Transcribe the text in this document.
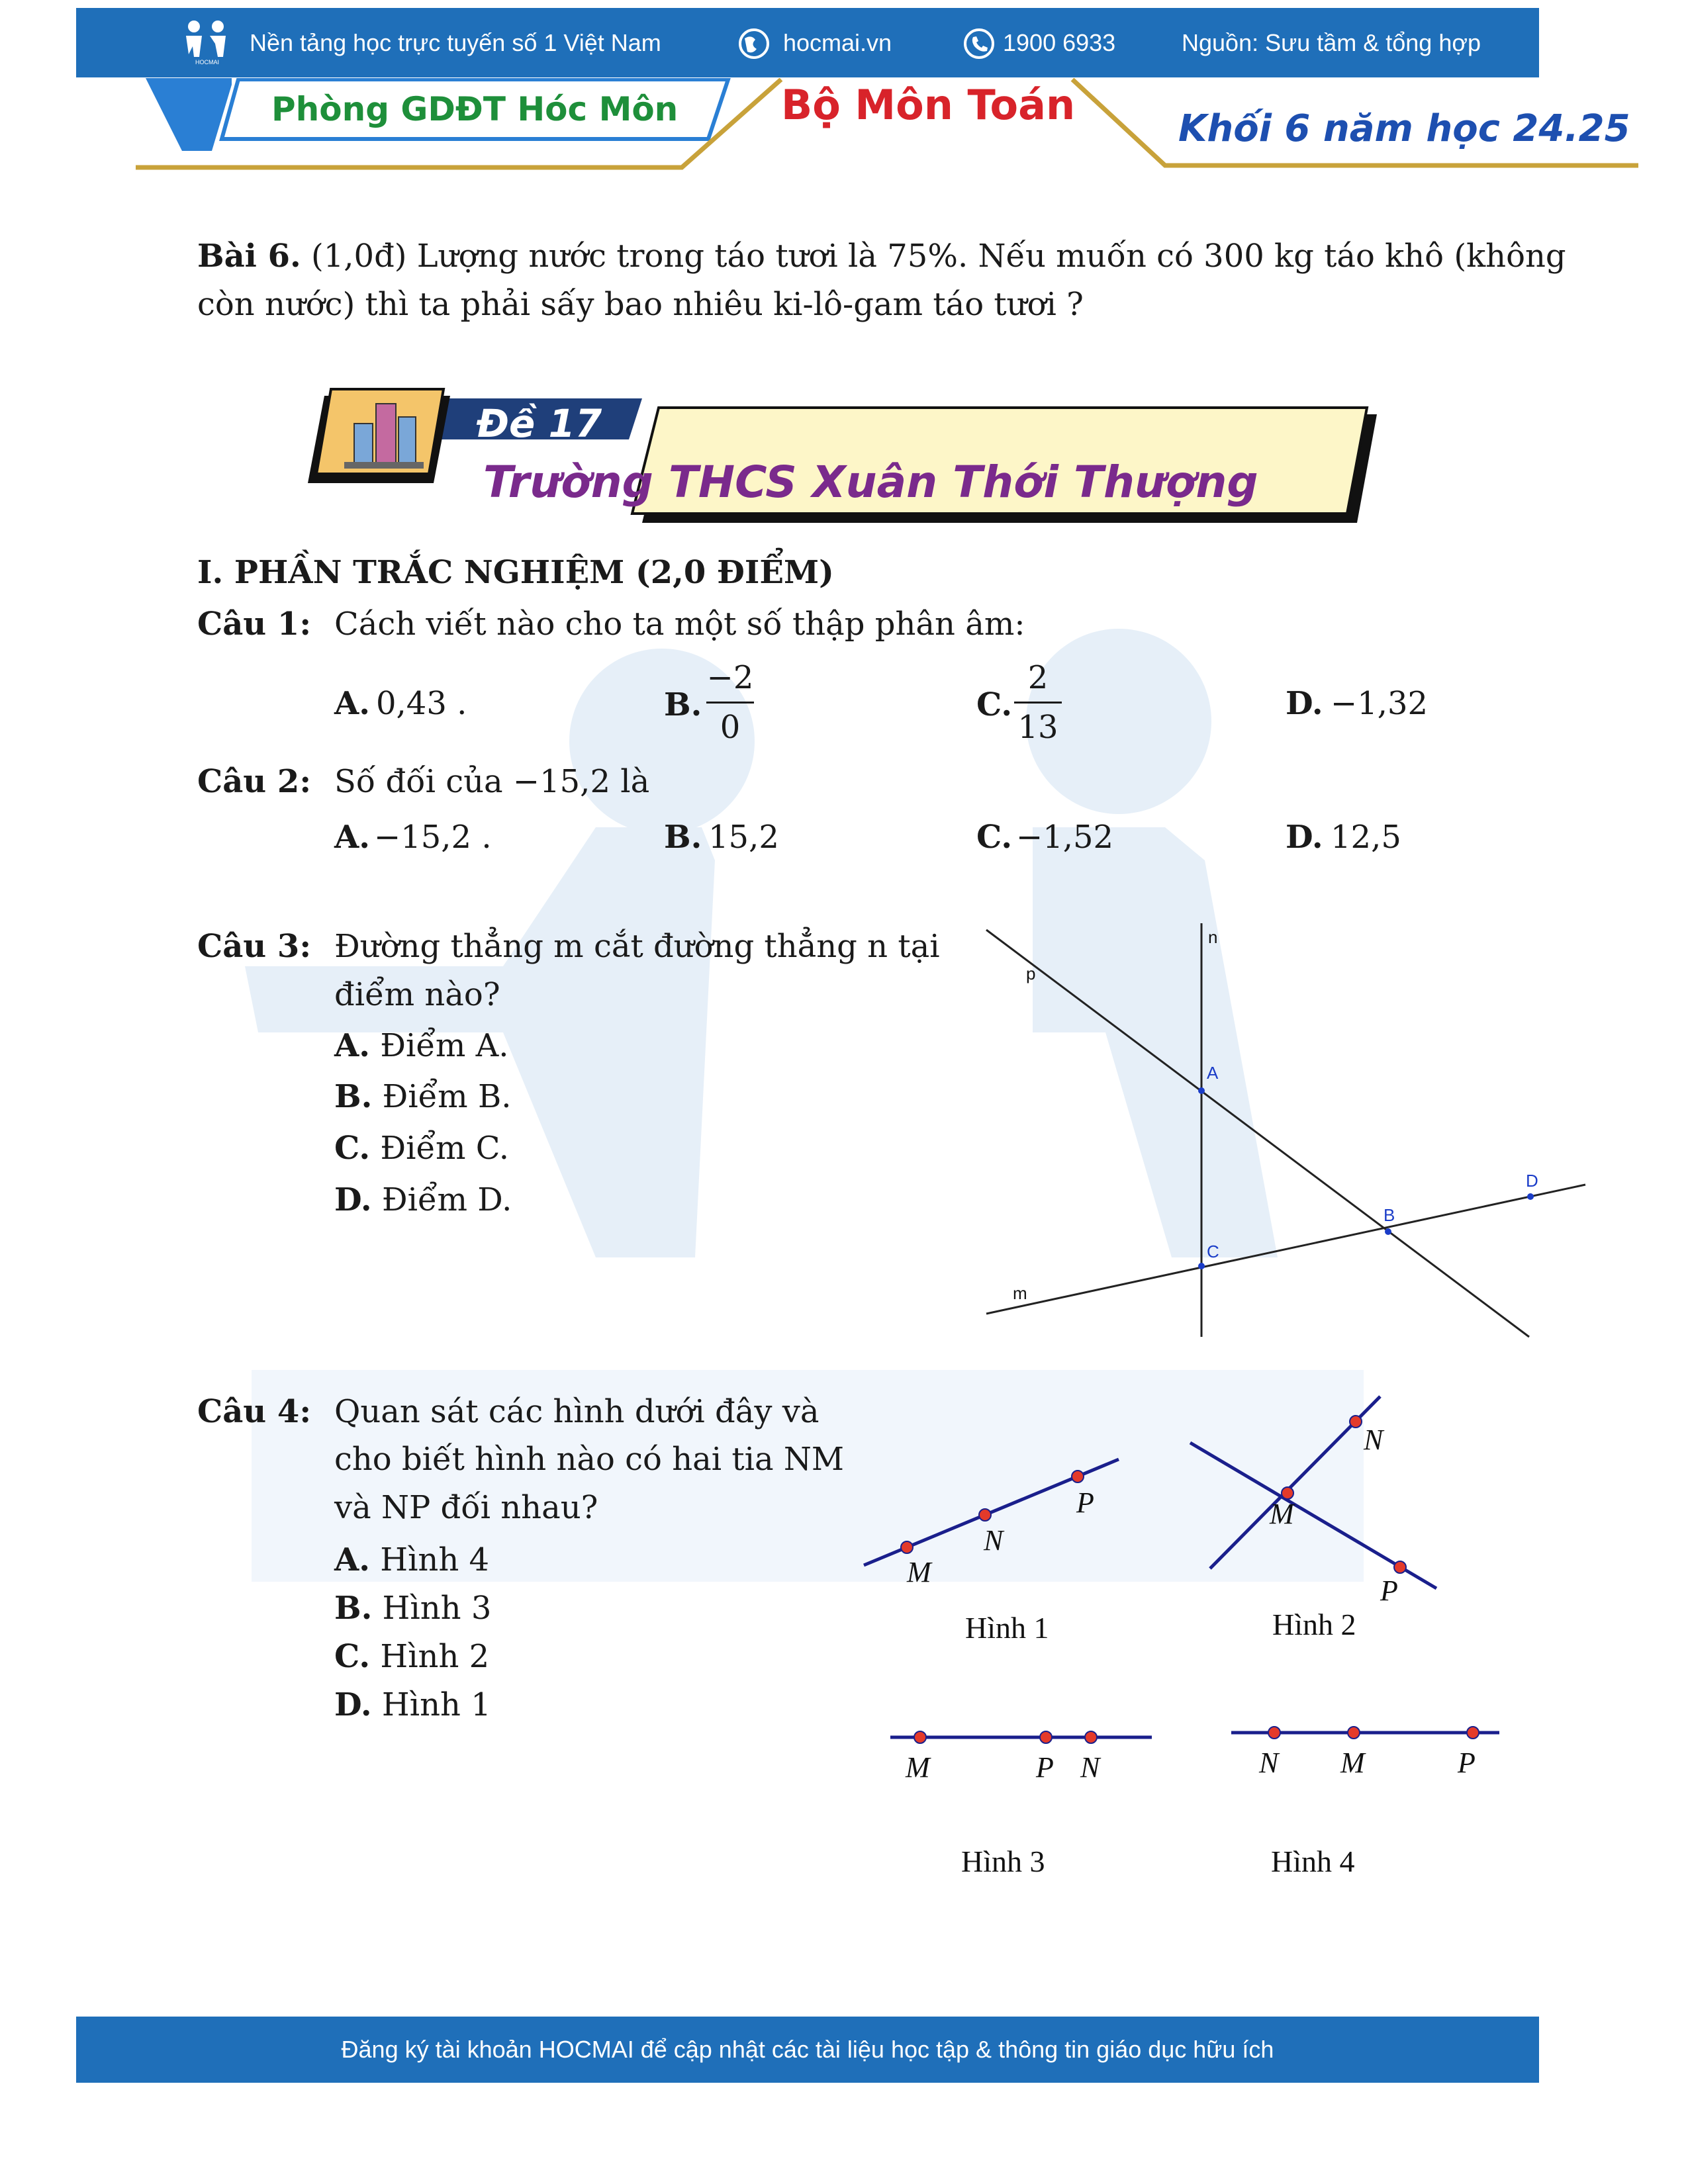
HOCMAI
Nền tảng học trực tuyến số 1 Việt Nam	hocmai.vn	1900 6933	Nguồn: Sưu tầm & tổng hợp
Phòng GDĐT Hóc Môn	Bộ Môn Toán	Khối 6 năm học 24.25
Bài 6. (1,0đ) Lượng nước trong táo tươi là 75%. Nếu muốn có 300 kg táo khô (không
còn nước) thì ta phải sấy bao nhiêu ki-lô-gam táo tươi ?
Đề 17
Trường THCS Xuân Thới Thượng
I. PHẦN TRẮC NGHIỆM (2,0 ĐIỂM)
Câu 1: Cách viết nào cho ta một số thập phân âm:
A. 0,43 .	B.
−2
0
C.
2
13
D. −1,32
Câu 2: Số đối của −15,2 là
A. −15,2 .	B. 15,2	C. −1,52	D. 12,5
Câu 3: Đường thẳng m cắt đường thẳng n tại
điểm nào?
A. Điểm A.
B. Điểm B.
C. Điểm C.
D. Điểm D.
n
p
m
A
B
C
D
Câu 4: Quan sát các hình dưới đây và
cho biết hình nào có hai tia NM
và NP đối nhau?
A. Hình 4
B. Hình 3
C. Hình 2
D. Hình 1
M
N
P
Hình 1
M
N
P
Hình 2
M	P N
Hình 3
N M	P
Hình 4
Đăng ký tài khoản HOCMAI để cập nhật các tài liệu học tập & thông tin giáo dục hữu ích
